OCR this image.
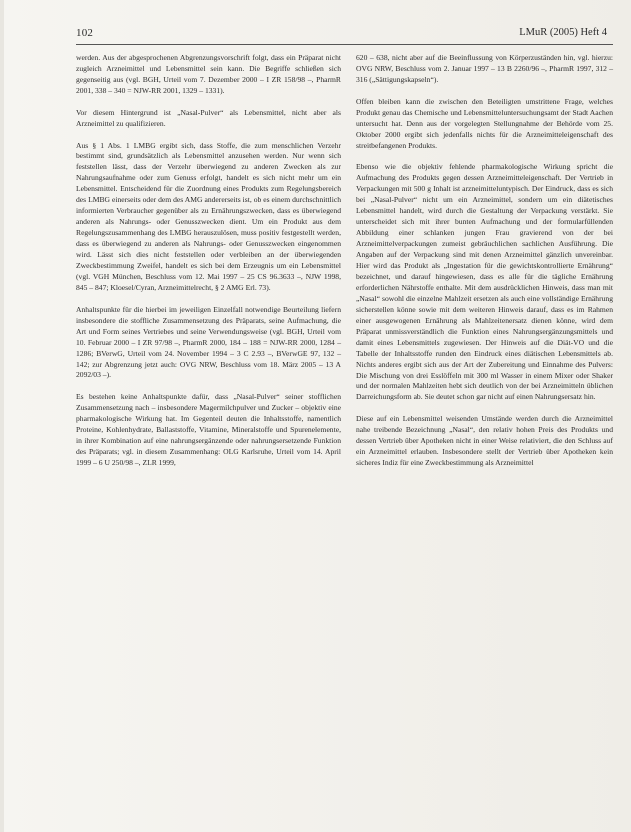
102	LMuR (2005) Heft 4

werden. Aus der abgesprochenen Abgrenzungsvorschrift folgt, dass ein Präparat nicht zugleich Arzneimittel und Lebensmittel sein kann. Die Begriffe schließen sich gegenseitig aus (vgl. BGH, Urteil vom 7. Dezember 2000 – I ZR 158/98 –, PharmR 2001, 338 – 340 = NJW-RR 2001, 1329 – 1331).

Vor diesem Hintergrund ist „Nasal-Pulver“ als Lebensmittel, nicht aber als Arzneimittel zu qualifizieren.

Aus § 1 Abs. 1 LMBG ergibt sich, dass Stoffe, die zum menschlichen Verzehr bestimmt sind, grundsätzlich als Lebensmittel anzusehen werden. Nur wenn sich feststellen lässt, dass der Verzehr überwiegend zu anderen Zwecken als zur Nahrungsaufnahme oder zum Genuss erfolgt, handelt es sich nicht mehr um ein Lebensmittel. Entscheidend für die Zuordnung eines Produkts zum Regelungsbereich des LMBG einerseits oder dem des AMG andererseits ist, ob es einem durchschnittlich informierten Verbraucher gegenüber als zu Ernährungszwecken, dass es überwiegend anderen als Nahrungs- oder Genusszwecken dient. Um ein Produkt aus dem Regelungszusammenhang des LMBG herauszulösen, muss positiv festgestellt werden, dass es überwiegend zu anderen als Nahrungs- oder Genusszwecken eingenommen wird. Lässt sich dies nicht feststellen oder verbleiben an der überwiegenden Zweckbestimmung Zweifel, handelt es sich bei dem Erzeugnis um ein Lebensmittel (vgl. VGH München, Beschluss vom 12. Mai 1997 – 25 CS 96.3633 –, NJW 1998, 845 – 847; Kloesel/Cyran, Arzneimittelrecht, § 2 AMG Erl. 73).

Anhaltspunkte für die hierbei im jeweiligen Einzelfall notwendige Beurteilung liefern insbesondere die stoffliche Zusammensetzung des Präparats, seine Aufmachung, die Art und Form seines Vertriebes und seine Verwendungsweise (vgl. BGH, Urteil vom 10. Februar 2000 – I ZR 97/98 –, PharmR 2000, 184 – 188 = NJW-RR 2000, 1284 – 1286; BVerwG, Urteil vom 24. November 1994 – 3 C 2.93 –, BVerwGE 97, 132 – 142; zur Abgrenzung jetzt auch: OVG NRW, Beschluss vom 18. März 2005 – 13 A 2092/03 –).

Es bestehen keine Anhaltspunkte dafür, dass „Nasal-Pulver“ seiner stofflichen Zusammensetzung nach – insbesondere Magermilchpulver und Zucker – objektiv eine pharmakologische Wirkung hat. Im Gegenteil deuten die Inhaltsstoffe, namentlich Proteine, Kohlenhydrate, Ballaststoffe, Vitamine, Mineralstoffe und Spurenelemente, in ihrer Kombination auf eine nahrungsergänzende oder nahrungsersetzende Funktion des Präparats; vgl. in diesem Zusammenhang: OLG Karlsruhe, Urteil vom 14. April 1999 – 6 U 250/98 –, ZLR 1999,

620 – 638, nicht aber auf die Beeinflussung von Körperzuständen hin, vgl. hierzu: OVG NRW, Beschluss vom 2. Januar 1997 – 13 B 2260/96 –, PharmR 1997, 312 – 316 („Sättigungskapseln“).

Offen bleiben kann die zwischen den Beteiligten umstrittene Frage, welches Produkt genau das Chemische und Lebensmitteluntersuchungsamt der Stadt Aachen untersucht hat. Denn aus der vorgelegten Stellungnahme der Behörde vom 25. Oktober 2000 ergibt sich jedenfalls nichts für die Arzneimitteleigenschaft des streitbefangenen Produkts.

Ebenso wie die objektiv fehlende pharmakologische Wirkung spricht die Aufmachung des Produkts gegen dessen Arzneimitteleigenschaft. Der Vertrieb in Verpackungen mit 500 g Inhalt ist arzneimitteluntypisch. Der Eindruck, dass es sich bei „Nasal-Pulver“ nicht um ein Arzneimittel, sondern um ein diätetisches Lebensmittel handelt, wird durch die Gestaltung der Verpackung verstärkt. Sie unterscheidet sich mit ihrer bunten Aufmachung und der formularfüllenden Abbildung einer schlanken jungen Frau gravierend von der bei Arzneimittelverpackungen zumeist gebräuchlichen sachlichen Ausführung. Die Angaben auf der Verpackung sind mit denen Arzneimittel gänzlich unvereinbar. Hier wird das Produkt als „Ingestation für die gewichtskontrollierte Ernährung“ bezeichnet, und darauf hingewiesen, dass es alle für die tägliche Ernährung erforderlichen Nährstoffe enthalte. Mit dem ausdrücklichen Hinweis, dass man mit „Nasal“ sowohl die einzelne Mahlzeit ersetzen als auch eine vollständige Ernährung sicherstellen könne sowie mit dem weiteren Hinweis darauf, dass es im Rahmen einer ausgewogenen Ernährung als Mahlzeitenersatz dienen könne, wird dem Präparat unmissverständlich die Funktion eines Nahrungsergänzungsmittels und damit eines Lebensmittels zugewiesen. Der Hinweis auf die Diät-VO und die Tabelle der Inhaltsstoffe runden den Eindruck eines diätischen Lebensmittels ab. Nichts anderes ergibt sich aus der Art der Zubereitung und Einnahme des Pulvers: Die Mischung von drei Esslöffeln mit 300 ml Wasser in einem Mixer oder Shaker und der normalen Mahlzeiten hebt sich deutlich von der bei Arzneimitteln üblichen Darreichungsform ab. Sie deutet schon gar nicht auf einen Nahrungsersatz hin.

Diese auf ein Lebensmittel weisenden Umstände werden durch die Arzneimittel nahe treibende Bezeichnung „Nasal“, den relativ hohen Preis des Produkts und dessen Vertrieb über Apotheken nicht in einer Weise relativiert, die den Schluss auf ein Arzneimittel erlauben. Insbesondere stellt der Vertrieb über Apotheken kein sicheres Indiz für eine Zweckbestimmung als Arzneimittel
